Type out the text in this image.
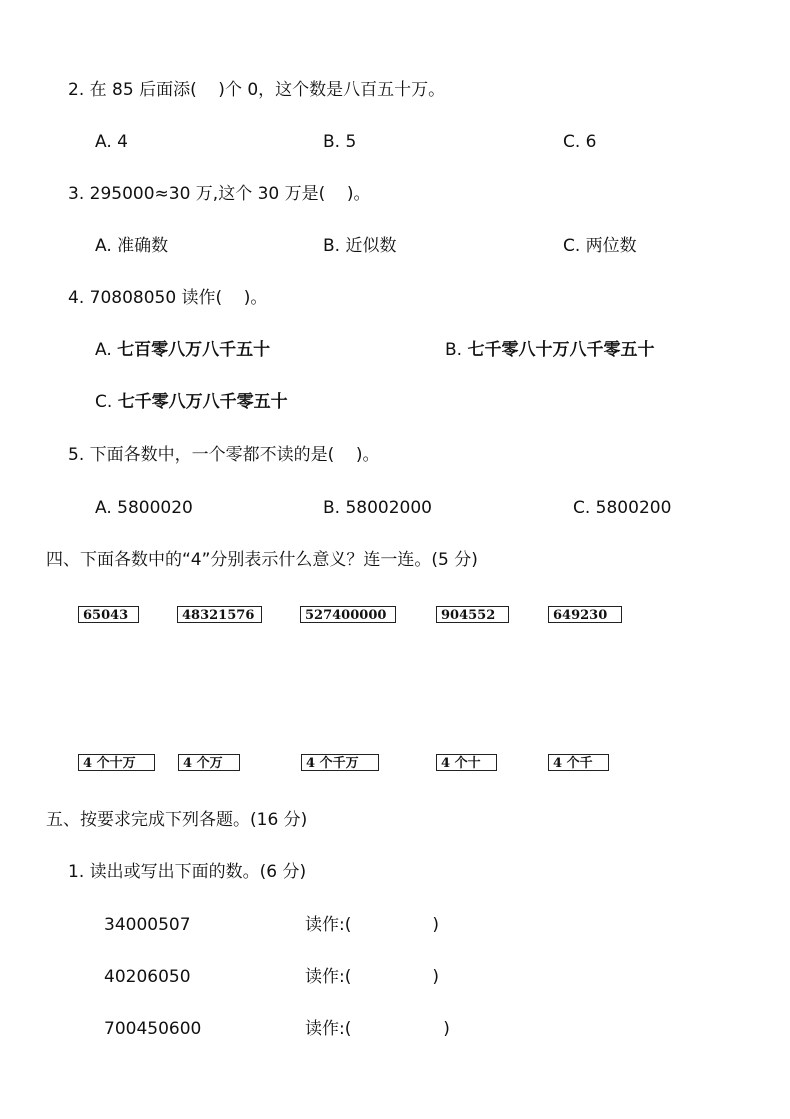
2. 在 85 后面添(    )个 0，这个数是八百五十万。
A. 4	B. 5	C. 6
3. 295000≈30 万,这个 30 万是(    )。
A. 准确数	B. 近似数	C. 两位数
4. 70808050 读作(    )。
A. 七百零八万八千五十	B. 七千零八十万八千零五十
C. 七千零八万八千零五十
5. 下面各数中，一个零都不读的是(    )。
A. 5800020	B. 58002000	C. 5800200
四、下面各数中的“4”分别表示什么意义？连一连。(5 分)
65043	48321576	527400000	904552	649230
4 个十万	4 个万	4 个千万	4 个十	4 个千
五、按要求完成下列各题。(16 分)
1. 读出或写出下面的数。(6 分)
34000507	读作:(               )
40206050	读作:(               )
700450600	读作:(                 )
